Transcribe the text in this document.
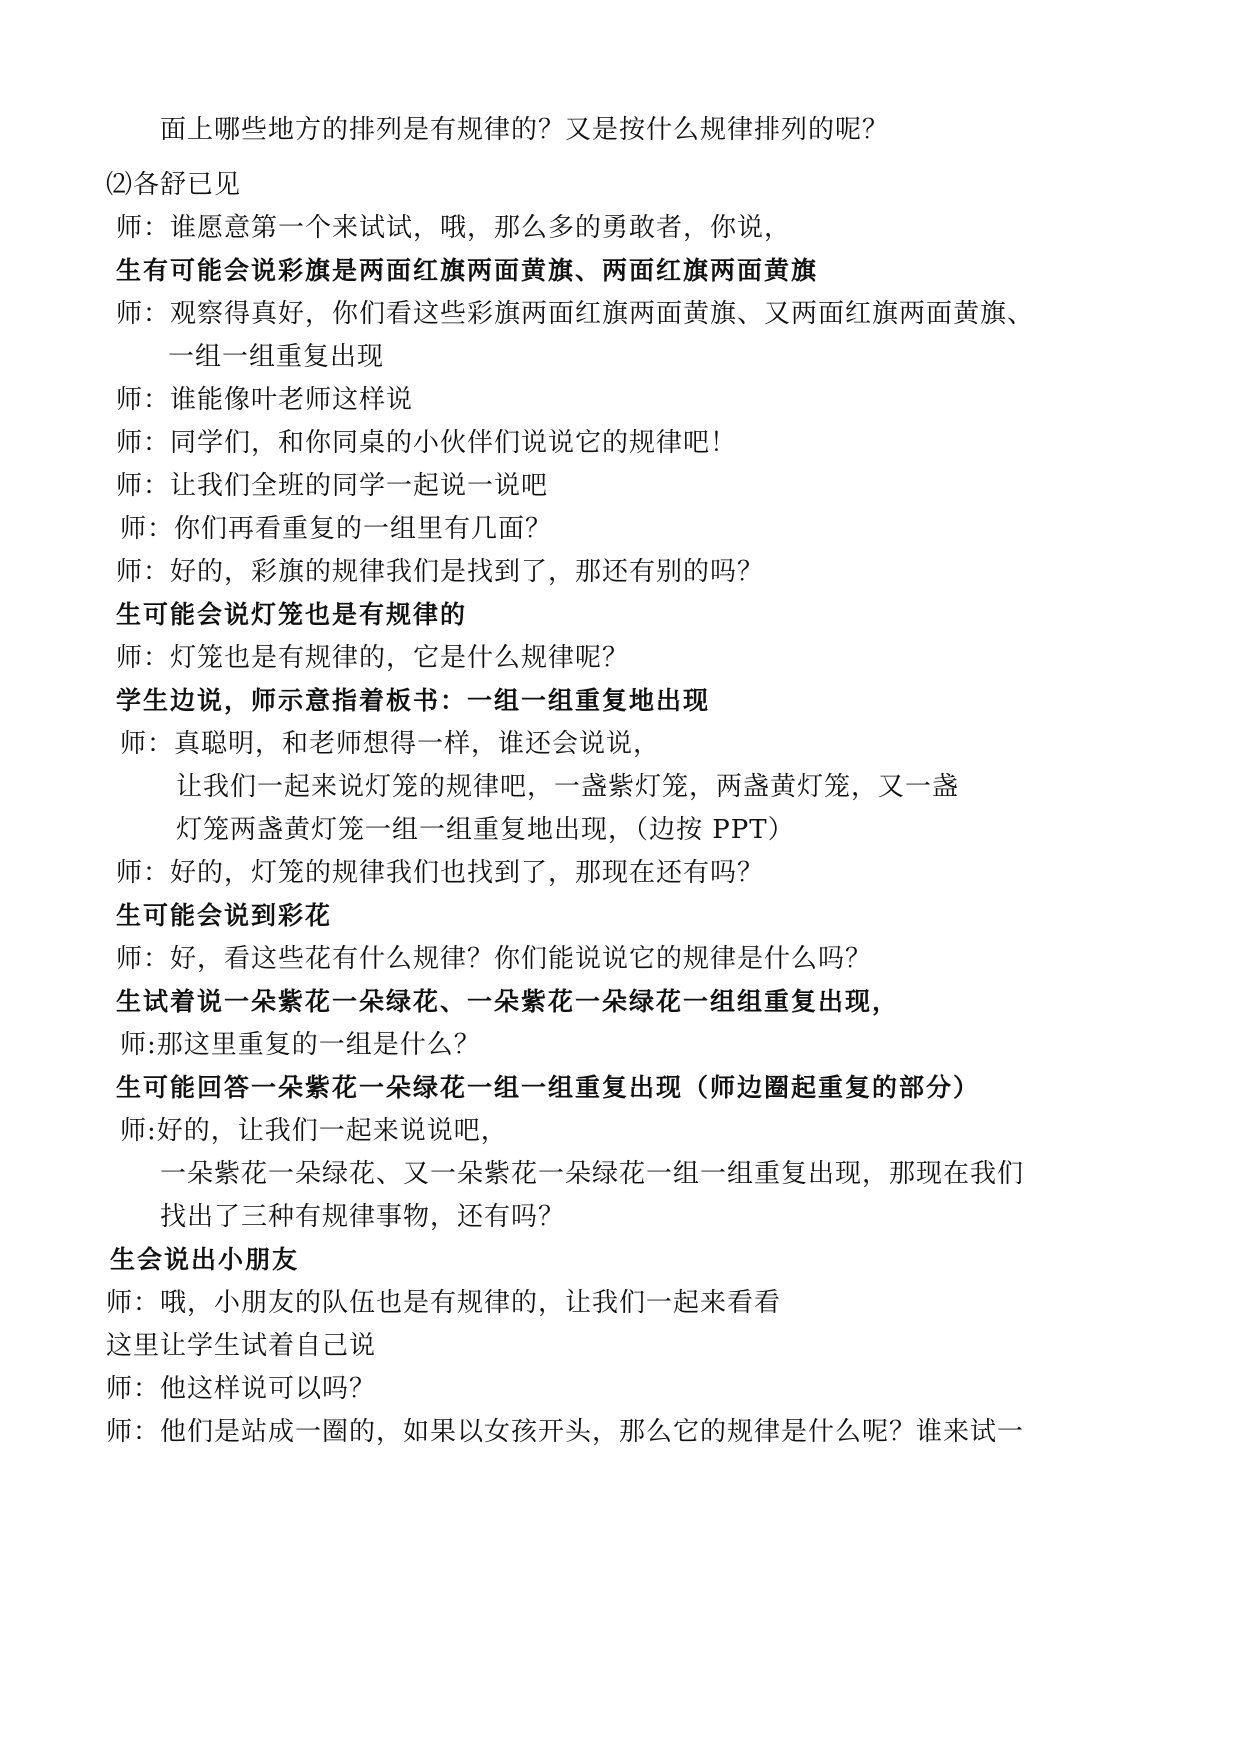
面上哪些地方的排列是有规律的？又是按什么规律排列的呢？
⑵各舒已见
师：谁愿意第一个来试试，哦，那么多的勇敢者，你说，
生有可能会说彩旗是两面红旗两面黄旗、两面红旗两面黄旗
师：观察得真好，你们看这些彩旗两面红旗两面黄旗、又两面红旗两面黄旗、
一组一组重复出现
师：谁能像叶老师这样说
师：同学们，和你同桌的小伙伴们说说它的规律吧！
师：让我们全班的同学一起说一说吧
师：你们再看重复的一组里有几面？
师：好的，彩旗的规律我们是找到了，那还有别的吗？
生可能会说灯笼也是有规律的
师：灯笼也是有规律的，它是什么规律呢？
学生边说，师示意指着板书：一组一组重复地出现
师：真聪明，和老师想得一样，谁还会说说，
让我们一起来说灯笼的规律吧，一盏紫灯笼，两盏黄灯笼，又一盏
灯笼两盏黄灯笼一组一组重复地出现，（边按 PPT）
师：好的，灯笼的规律我们也找到了，那现在还有吗？
生可能会说到彩花
师：好，看这些花有什么规律？你们能说说它的规律是什么吗？
生试着说一朵紫花一朵绿花、一朵紫花一朵绿花一组组重复出现，
师:那这里重复的一组是什么？
生可能回答一朵紫花一朵绿花一组一组重复出现（师边圈起重复的部分）
师:好的，让我们一起来说说吧，
一朵紫花一朵绿花、又一朵紫花一朵绿花一组一组重复出现，那现在我们
找出了三种有规律事物，还有吗？
生会说出小朋友
师：哦，小朋友的队伍也是有规律的，让我们一起来看看
这里让学生试着自己说
师：他这样说可以吗？
师：他们是站成一圈的，如果以女孩开头，那么它的规律是什么呢？谁来试一
